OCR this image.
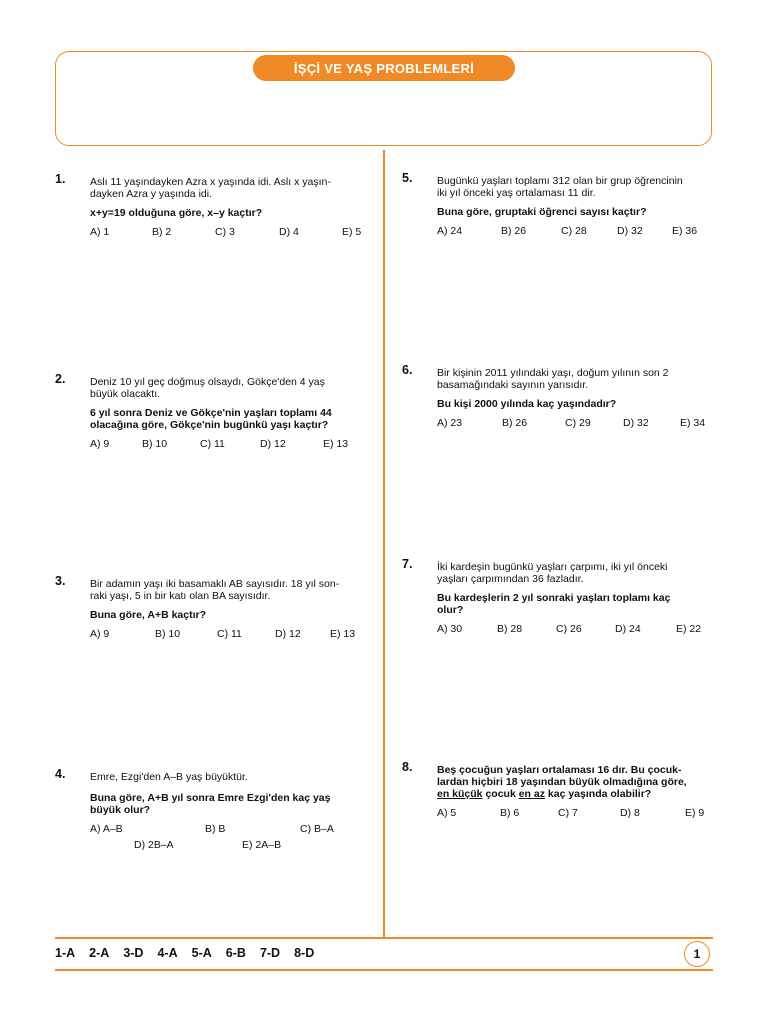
İŞÇİ VE YAŞ PROBLEMLERİ
1. Aslı 11 yaşındayken Azra x yaşında idi. Aslı x yaşın-

dayken Azra y yaşında idi.

x+y=19 olduğuna göre, x–y kaçtır?

A) 1	B) 2	C) 3	D) 4	E) 5
2. Deniz 10 yıl geç doğmuş olsaydı, Gökçe'den 4 yaş

büyük olacaktı.

6 yıl sonra Deniz ve Gökçe'nin yaşları toplamı 44

olacağına göre, Gökçe'nin bugünkü yaşı kaçtır?

A) 9	B) 10	C) 11	D) 12	E) 13
3. Bir adamın yaşı iki basamaklı AB sayısıdır. 18 yıl son-

raki yaşı, 5 in bir katı olan BA sayısıdır.

Buna göre, A+B kaçtır?

A) 9	B) 10	C) 11	D) 12	E) 13
4. Emre, Ezgi'den A–B yaş büyüktür.

Buna göre, A+B yıl sonra Emre Ezgi'den kaç yaş

büyük olur?

A) A–B	B) B	C) B–A
D) 2B–A	E) 2A–B
5. Bugünkü yaşları toplamı 312 olan bir grup öğrencinin

iki yıl önceki yaş ortalaması 11 dir.

Buna göre, gruptaki öğrenci sayısı kaçtır?

A) 24	B) 26	C) 28	D) 32	E) 36
6. Bir kişinin 2011 yılındaki yaşı, doğum yılının son 2

basamağındaki sayının yarısıdır.

Bu kişi 2000 yılında kaç yaşındadır?

A) 23	B) 26	C) 29	D) 32	E) 34
7. İki kardeşin bugünkü yaşları çarpımı, iki yıl önceki

yaşları çarpımından 36 fazladır.

Bu kardeşlerin 2 yıl sonraki yaşları toplamı kaç

olur?

A) 30	B) 28	C) 26	D) 24	E) 22
8. Beş çocuğun yaşları ortalaması 16 dır. Bu çocuk-
lardan hiçbiri 18 yaşından büyük olmadığına göre,

en küçük çocuk en az kaç yaşında olabilir?

A) 5	B) 6	C) 7	D) 8	E) 9
1-A 2-A 3-D 4-A 5-A 6-B 7-D 8-D	1
